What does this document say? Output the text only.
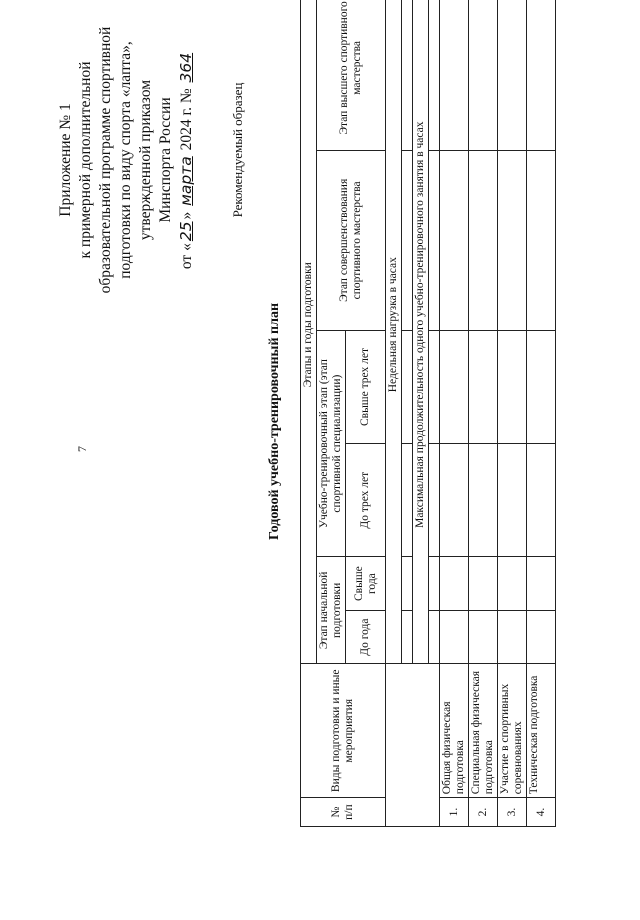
7
Приложение № 1 к примерной дополнительной образовательной программе спортивной подготовки по виду спорта «лапта», утвержденной приказом Минспорта России
от «25» марта 2024 г. № 364
Рекомендуемый образец
Годовой учебно-тренировочный план
№ п/п	Виды подготовки и иные мероприятия	Этапы и годы подготовки					
		Этап начальной подготовки		Учебно-тренировочный этап (этап спортивной специализации)		Этап совершенствования спортивного мастерства	Этап высшего спортивного мастерства
		До года	Свыше года	До трех лет	Свыше трех лет		
		Недельная нагрузка в часах					

		Максимальная продолжительность одного учебно-тренировочного занятия в часах					

1.	Общая физическая подготовка						
2.	Специальная физическая подготовка						
3.	Участие в спортивных соревнованиях						
4.	Техническая подготовка						
